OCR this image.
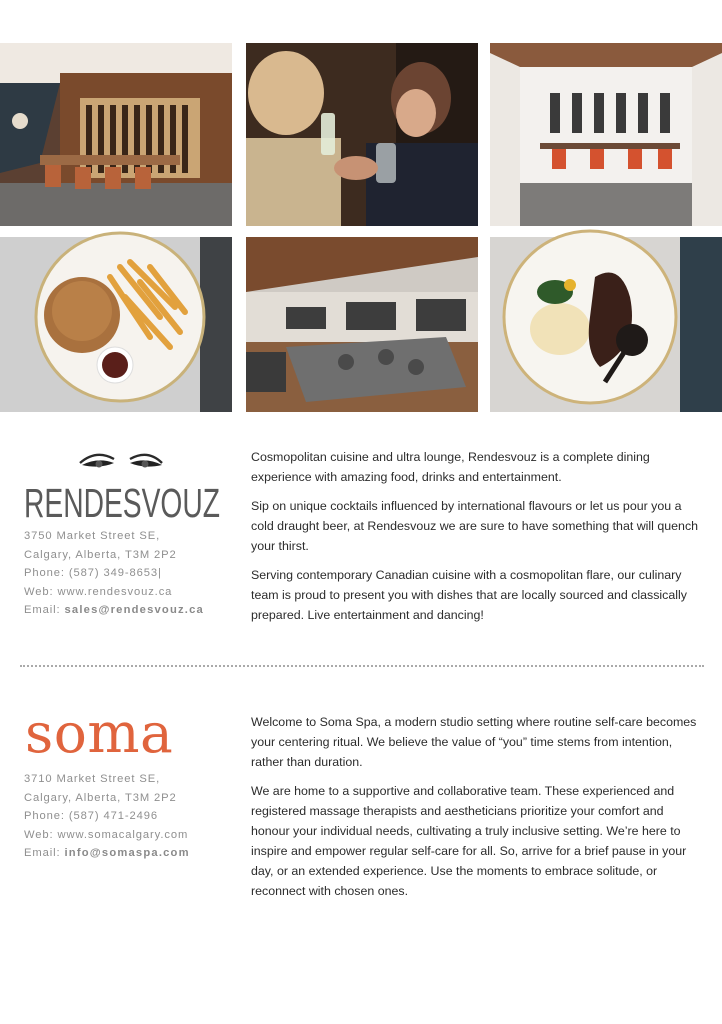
RENDESVOUZ
3750 Market Street SE,
Calgary, Alberta, T3M 2P2
Phone: (587) 349-8653|
Web: www.rendesvouz.ca
Email: sales@rendesvouz.ca

Cosmopolitan cuisine and ultra lounge, Rendesvouz is a complete dining experience with amazing food, drinks and entertainment.

Sip on unique cocktails influenced by international flavours or let us pour you a cold draught beer, at Rendesvouz we are sure to have something that will quench your thirst.

Serving contemporary Canadian cuisine with a cosmopolitan flare, our culinary team is proud to present you with dishes that are locally sourced and classically prepared. Live entertainment and dancing!

soma
3710 Market Street SE,
Calgary, Alberta, T3M 2P2
Phone: (587) 471-2496
Web: www.somacalgary.com
Email: info@somaspa.com

Welcome to Soma Spa, a modern studio setting where routine self-care becomes your centering ritual. We believe the value of “you” time stems from intention, rather than duration.

We are home to a supportive and collaborative team. These experienced and registered massage therapists and aestheticians prioritize your comfort and honour your individual needs, cultivating a truly inclusive setting. We’re here to inspire and empower regular self-care for all. So, arrive for a brief pause in your day, or an extended experience. Use the moments to embrace solitude, or reconnect with chosen ones.
